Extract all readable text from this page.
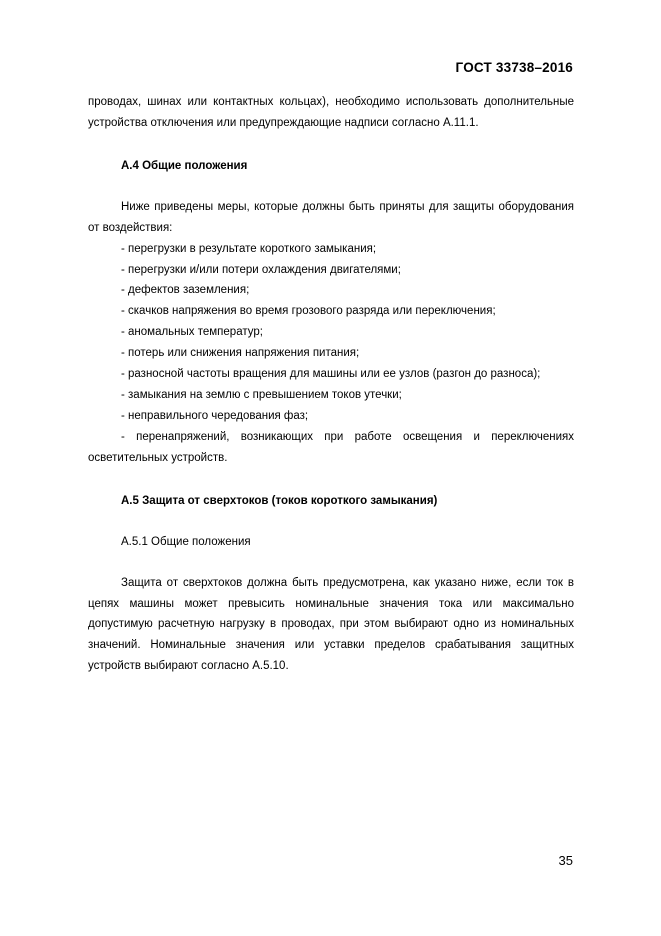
ГОСТ 33738–2016

проводах, шинах или контактных кольцах), необходимо использовать дополнительные устройства отключения или предупреждающие надписи согласно А.11.1.

А.4 Общие положения

Ниже приведены меры, которые должны быть приняты для защиты оборудования от воздействия:

- перегрузки в результате короткого замыкания;
- перегрузки и/или потери охлаждения двигателями;
- дефектов заземления;
- скачков напряжения во время грозового разряда или переключения;
- аномальных температур;
- потерь или снижения напряжения питания;
- разносной частоты вращения для машины или ее узлов (разгон до разноса);
- замыкания на землю с превышением токов утечки;
- неправильного чередования фаз;
- перенапряжений, возникающих при работе освещения и переключениях осветительных устройств.

А.5 Защита от сверхтоков (токов короткого замыкания)

А.5.1 Общие положения

Защита от сверхтоков должна быть предусмотрена, как указано ниже, если ток в цепях машины может превысить номинальные значения тока или максимально допустимую расчетную нагрузку в проводах, при этом выбирают одно из номинальных значений. Номинальные значения или уставки пределов срабатывания защитных устройств выбирают согласно А.5.10.

35
